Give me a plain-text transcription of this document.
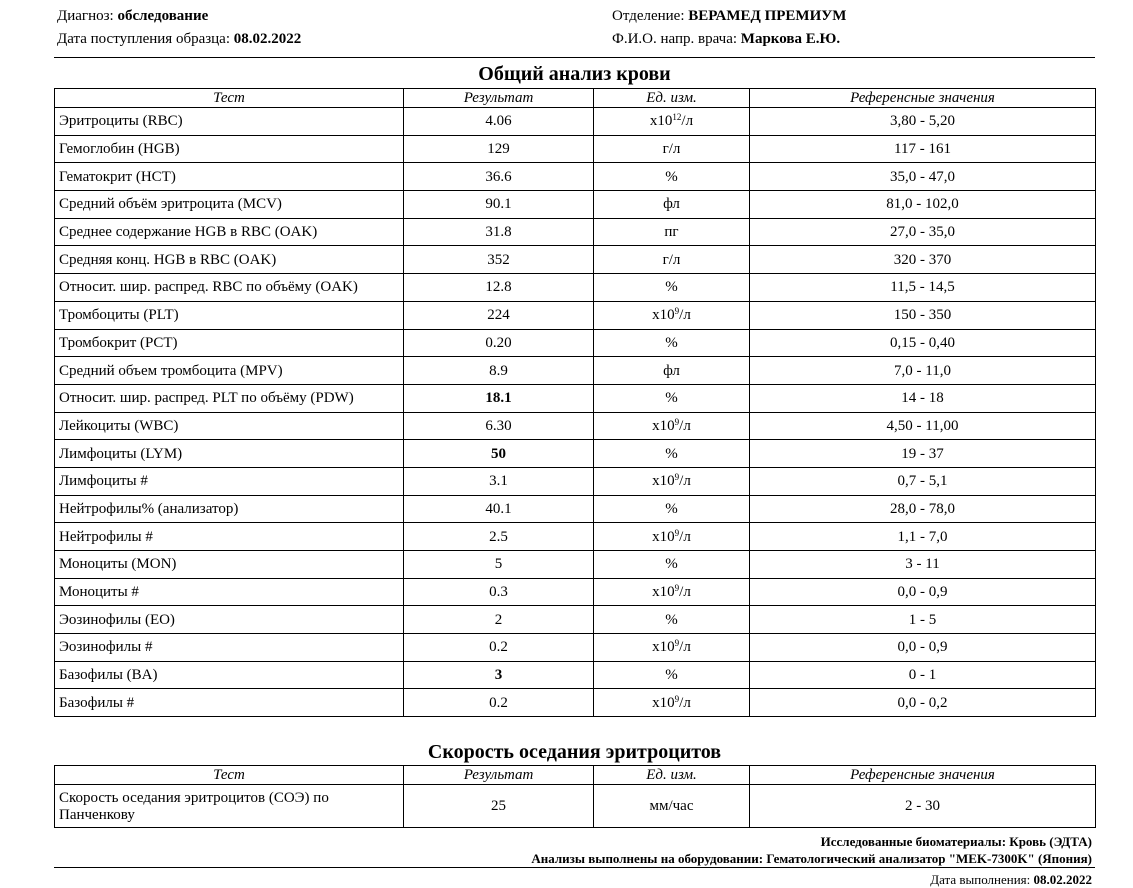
Диагноз: обследование
Дата поступления образца: 08.02.2022
Отделение: ВЕРАМЕД ПРЕМИУМ
Ф.И.О. напр. врача: Маркова Е.Ю.
Общий анализ крови
Тест	Результат	Ед. изм.	Референсные значения
Эритроциты (RBC)	4.06	$x10^{12}/л$	3,80 - 5,20
Гемоглобин (HGB)	129	г/л	117 - 161
Гематокрит (HCT)	36.6	%	35,0 - 47,0
Средний объём эритроцита (MCV)	90.1	фл	81,0 - 102,0
Среднее содержание HGB в RBC (OAK)	31.8	пг	27,0 - 35,0
Средняя конц. HGB в RBC (OAK)	352	г/л	320 - 370
Относит. шир. распред. RBC по объёму (OAK)	12.8	%	11,5 - 14,5
Тромбоциты (PLT)	224	$x10^9/л$	150 - 350
Тромбокрит (PCT)	0.20	%	0,15 - 0,40
Средний объем тромбоцита (MPV)	8.9	фл	7,0 - 11,0
Относит. шир. распред. PLT по объёму (PDW)	18.1	%	14 - 18
Лейкоциты (WBC)	6.30	$x10^9/л$	4,50 - 11,00
Лимфоциты (LYM)	50	%	19 - 37
Лимфоциты #	3.1	$x10^9/л$	0,7 - 5,1
Нейтрофилы% (анализатор)	40.1	%	28,0 - 78,0
Нейтрофилы #	2.5	$x10^9/л$	1,1 - 7,0
Моноциты (MON)	5	%	3 - 11
Моноциты #	0.3	$x10^9/л$	0,0 - 0,9
Эозинофилы (EO)	2	%	1 - 5
Эозинофилы #	0.2	$x10^9/л$	0,0 - 0,9
Базофилы (BA)	3	%	0 - 1
Базофилы #	0.2	$x10^9/л$	0,0 - 0,2
Скорость оседания эритроцитов
Тест	Результат	Ед. изм.	Референсные значения
Скорость оседания эритроцитов (СОЭ) по Панченкову	25	мм/час	2 - 30
Исследованные биоматериалы: Кровь (ЭДТА)
Анализы выполнены на оборудовании: Гематологический анализатор "MEK-7300K" (Япония)
Дата выполнения: 08.02.2022
